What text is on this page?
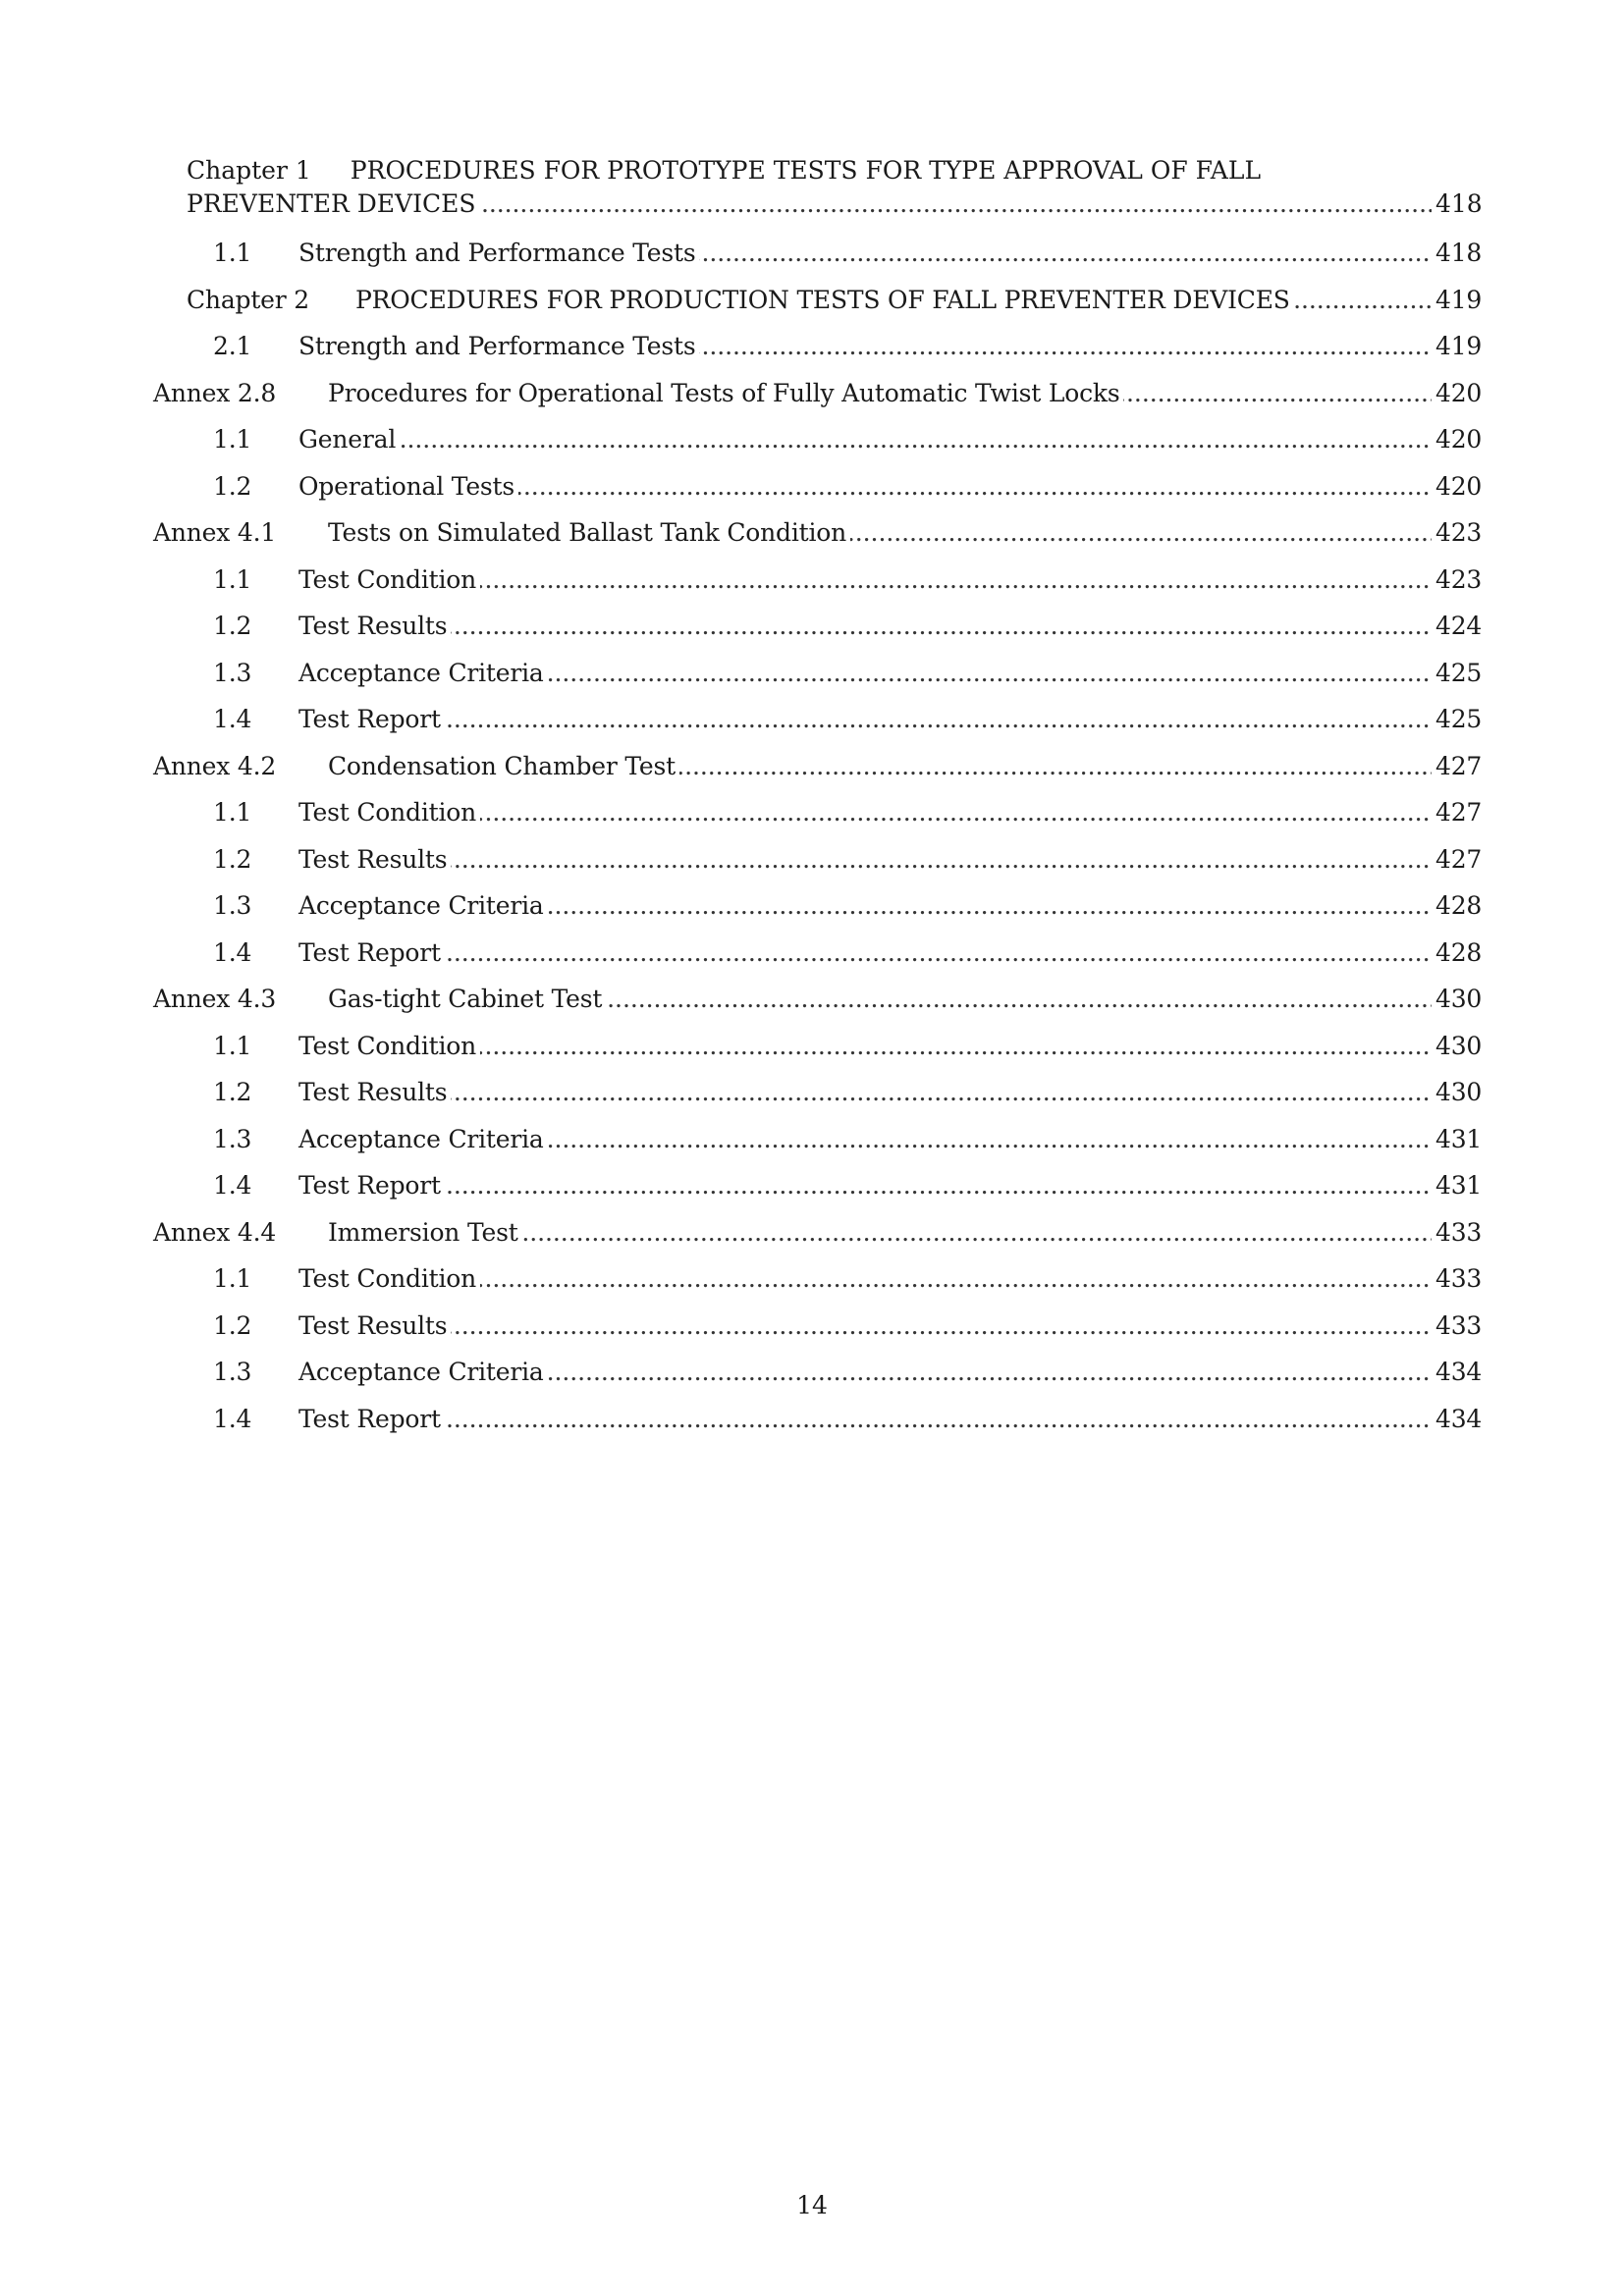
Chapter 1 PROCEDURES FOR PROTOTYPE TESTS FOR TYPE APPROVAL OF FALL
. . .
PREVENTER DEVICES	418
. . .
1.1 Strength and Performance Tests	418
. . .
Chapter 2 PROCEDURES FOR PRODUCTION TESTS OF FALL PREVENTER DEVICES	419
. . .
2.1 Strength and Performance Tests	419
. . .
Annex 2.8 Procedures for Operational Tests of Fully Automatic Twist Locks	420
. . .
1.1 General	420
. . .
1.2 Operational Tests	420
. . .
Annex 4.1 Tests on Simulated Ballast Tank Condition	423
. . .
1.1 Test Condition	423
. . .
1.2 Test Results	424
. . .
1.3 Acceptance Criteria	425
. . .
1.4 Test Report	425
. . .
Annex 4.2 Condensation Chamber Test	427
. . .
1.1 Test Condition	427
. . .
1.2 Test Results	427
. . .
1.3 Acceptance Criteria	428
. . .
1.4 Test Report	428
. . .
Annex 4.3 Gas-tight Cabinet Test	430
. . .
1.1 Test Condition	430
. . .
1.2 Test Results	430
. . .
1.3 Acceptance Criteria	431
. . .
1.4 Test Report	431
. . .
Annex 4.4 Immersion Test	433
. . .
1.1 Test Condition	433
. . .
1.2 Test Results	433
. . .
1.3 Acceptance Criteria	434
. . .
1.4 Test Report	434
14
